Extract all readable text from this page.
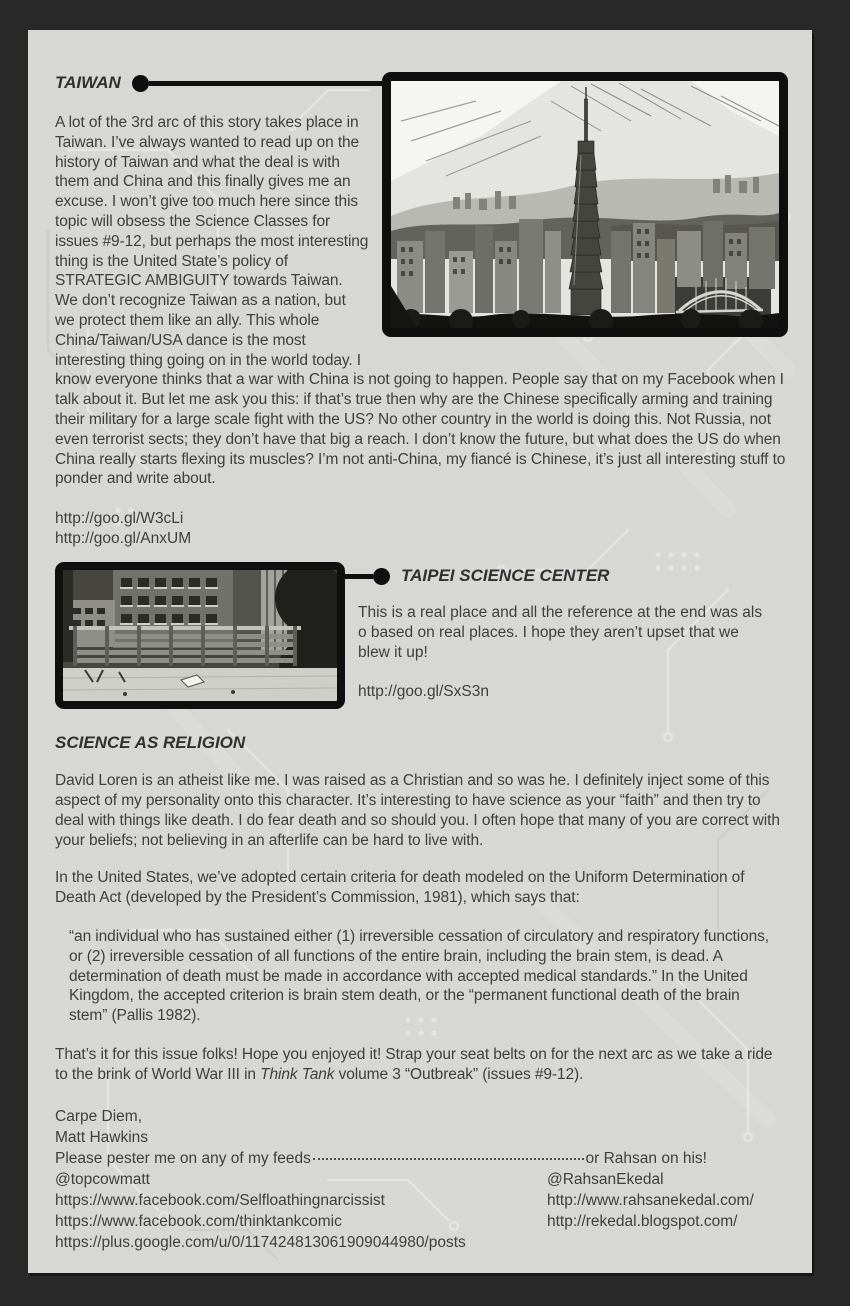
TAIWAN

A lot of the 3rd arc of this story takes place in Taiwan. I’ve always wanted to read up on the history of Taiwan and what the deal is with them and China and this finally gives me an excuse. I won’t give too much here since this topic will obsess the Science Classes for issues #9-12, but perhaps the most interesting thing is the United State’s policy of STRATEGIC AMBIGUITY towards Taiwan. We don’t recognize Taiwan as a nation, but we protect them like an ally. This whole China/Taiwan/USA dance is the most interesting thing going on in the world today. I know everyone thinks that a war with China is not going to happen. People say that on my Facebook when I talk about it. But let me ask you this: if that’s true then why are the Chinese specifically arming and training their military for a large scale fight with the US? No other country in the world is doing this. Not Russia, not even terrorist sects; they don’t have that big a reach. I don’t know the future, but what does the US do when China really starts flexing its muscles? I’m not anti-China, my fiancé is Chinese, it’s just all interesting stuff to ponder and write about.

http://goo.gl/W3cLi
http://goo.gl/AnxUM
TAIPEI SCIENCE CENTER
This is a real place and all the reference at the end was als
o based on real places. I hope they aren’t upset that we
blew it up!
http://goo.gl/SxS3n
SCIENCE AS RELIGION

David Loren is an atheist like me. I was raised as a Christian and so was he. I definitely inject some of this aspect of my personality onto this character. It’s interesting to have science as your “faith” and then try to deal with things like death. I do fear death and so should you. I often hope that many of you are correct with your beliefs; not believing in an afterlife can be hard to live with.

In the United States, we’ve adopted certain criteria for death modeled on the Uniform Determination of Death Act (developed by the President’s Commission, 1981), which says that:

“an individual who has sustained either (1) irreversible cessation of circulatory and respiratory functions, or (2) irreversible cessation of all functions of the entire brain, including the brain stem, is dead. A determination of death must be made in accordance with accepted medical standards.” In the United Kingdom, the accepted criterion is brain stem death, or the “permanent functional death of the brain stem” (Pallis 1982).

That’s it for this issue folks! Hope you enjoyed it! Strap your seat belts on for the next arc as we take a ride to the brink of World War III in Think Tank volume 3 “Outbreak” (issues #9-12).

Carpe Diem,
Matt Hawkins
Please pester me on any of my feeds	or Rahsan on his!
@topcowmatt
https://www.facebook.com/Selfloathingnarcissist
https://www.facebook.com/thinktankcomic
https://plus.google.com/u/0/117424813061909044980/posts
@RahsanEkedal
http://www.rahsanekedal.com/
http://rekedal.blogspot.com/
